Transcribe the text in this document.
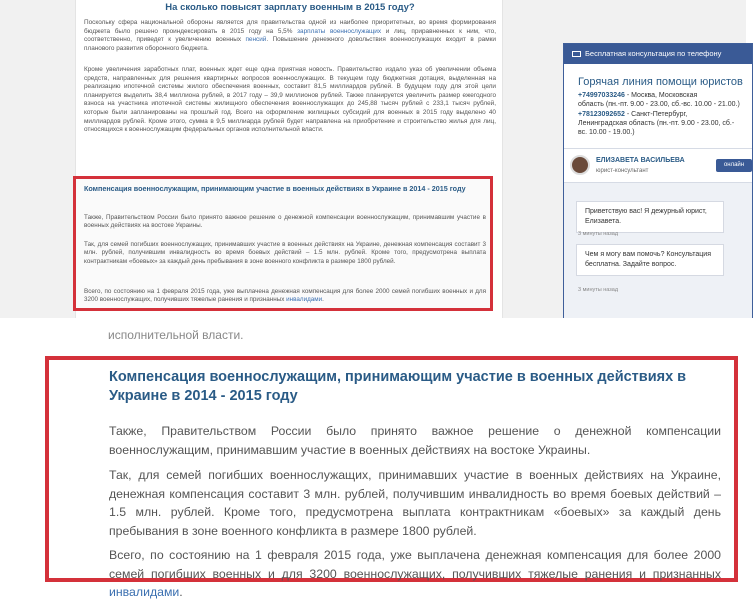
На сколько повысят зарплату военным в 2015 году?

Поскольку сфера национальной обороны является для правительства одной из наиболее приоритетных, во время формирования бюджета было решено проиндексировать в 2015 году на 5,5% зарплаты военнослужащих и лиц, приравненных к ним, что, соответственно, приведет к увеличению военных пенсий. Повышение денежного довольствия военнослужащих входит в рамки планового развития оборонного бюджета.

Кроме увеличения заработных плат, военных ждет еще одна приятная новость. Правительство издало указ об увеличении объема средств, направленных для решения квартирных вопросов военнослужащих. В текущем году бюджетная дотация, выделенная на реализацию ипотечной системы жилого обеспечения военных, составит 81,5 миллиардов рублей. В будущем году для этой цели планируется выделить 38,4 миллиона рублей, в 2017 году – 39,9 миллионов рублей. Также планируется увеличить размер ежегодного взноса на участника ипотечной системы жилищного обеспечения военнослужащих до 245,88 тысяч рублей с 233,1 тысяч рублей, которые были запланированы на прошлый год. Всего на оформление жилищных субсидий для военных в 2015 году выделено 40 миллиардов рублей. Кроме этого, сумма в 9,5 миллиарда рублей будет направлена на приобретение и строительство жилья для лиц, относящихся к военнослужащим федеральных органов исполнительной власти.

Компенсация военнослужащим, принимающим участие в военных действиях в Украине в 2014 - 2015 году

Также, Правительством России было принято важное решение о денежной компенсации военнослужащим, принимавшим участие в военных действиях на востоке Украины.

Так, для семей погибших военнослужащих, принимавших участие в военных действиях на Украине, денежная компенсация составит 3 млн. рублей, получившим инвалидность во время боевых действий – 1.5 млн. рублей. Кроме того, предусмотрена выплата контрактникам «боевых» за каждый день пребывания в зоне военного конфликта в размере 1800 рублей.

Всего, по состоянию на 1 февраля 2015 года, уже выплачена денежная компенсация для более 2000 семей погибших военных и для 3200 военнослужащих, получивших тяжелые ранения и признанных инвалидами.

Бесплатная консультация по телефону
Горячая линия помощи юристов
+74997033246 - Москва, Московская
область (пн.-пт. 9.00 - 23.00, сб.-вс. 10.00 - 21.00.)
+78123092652 - Санкт-Петербург,
Ленинградская область (пн.-пт. 9.00 - 23.00, сб.-
вс. 10.00 - 19.00.)
ЕЛИЗАВЕТА ВАСИЛЬЕВА
юрист-консультант
онлайн
Приветствую вас! Я дежурный юрист, Елизавета.
3 минуты назад
Чем я могу вам помочь? Консультация бесплатна. Задайте вопрос.
3 минуты назад
исполнительной власти.
Компенсация военнослужащим, принимающим участие в военных действиях в Украине в 2014 - 2015 году

Также, Правительством России было принято важное решение о денежной компенсации военнослужащим, принимавшим участие в военных действиях на востоке Украины.

Так, для семей погибших военнослужащих, принимавших участие в военных действиях на Украине, денежная компенсация составит 3 млн. рублей, получившим инвалидность во время боевых действий – 1.5 млн. рублей. Кроме того, предусмотрена выплата контрактникам «боевых» за каждый день пребывания в зоне военного конфликта в размере 1800 рублей.

Всего, по состоянию на 1 февраля 2015 года, уже выплачена денежная компенсация для более 2000 семей погибших военных и для 3200 военнослужащих, получивших тяжелые ранения и признанных инвалидами.
